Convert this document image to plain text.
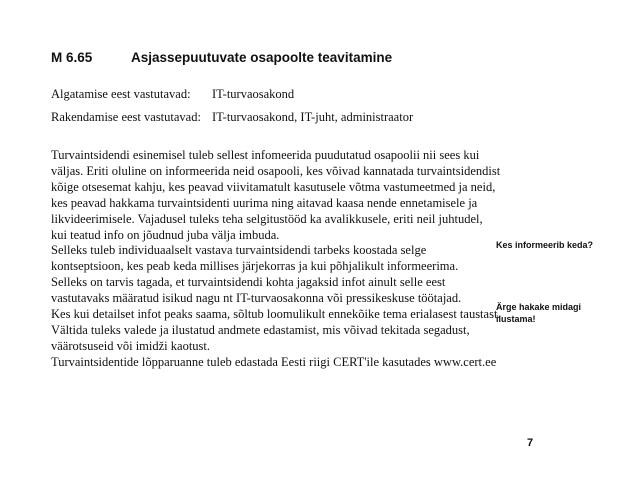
M 6.65	Asjassepuutuvate osapoolte teavitamine
Algatamise eest vastutavad: IT-turvaosakond
Rakendamise eest vastutavad: IT-turvaosakond, IT-juht, administraator

Turvaintsidendi esinemisel tuleb sellest infomeerida puudutatud osapoolii nii sees kui väljas. Eriti oluline on informeerida neid osapooli, kes võivad kannatada turvaintsidendist kõige otsesemat kahju, kes peavad viivitamatult kasutusele võtma vastumeetmed ja neid, kes peavad hakkama turvaintsidenti uurima ning aitavad kaasa nende ennetamisele ja likvideerimisele. Vajadusel tuleks teha selgitustööd ka avalikkusele, eriti neil juhtudel, kui teatud info on jõudnud juba välja imbuda.

Selleks tuleb individuaalselt vastava turvaintsidendi tarbeks koostada selge kontseptsioon, kes peab keda millises järjekorras ja kui põhjalikult informeerima.

Selleks on tarvis tagada, et turvaintsidendi kohta jagaksid infot ainult selle eest vastutavaks määratud isikud nagu nt IT-turvaosakonna või pressikeskuse töötajad.

Kes kui detailset infot peaks saama, sõltub loomulikult ennekõike tema erialasest taustast. Vältida tuleks valede ja ilustatud andmete edastamist, mis võivad tekitada segadust, väärotsuseid või imidži kaotust.

Turvaintsidentide lõpparuanne tuleb edastada Eesti riigi CERT'ile kasutades www.cert.ee

Kes informeerib keda?
Ärge hakake midagi ilustama!
7
